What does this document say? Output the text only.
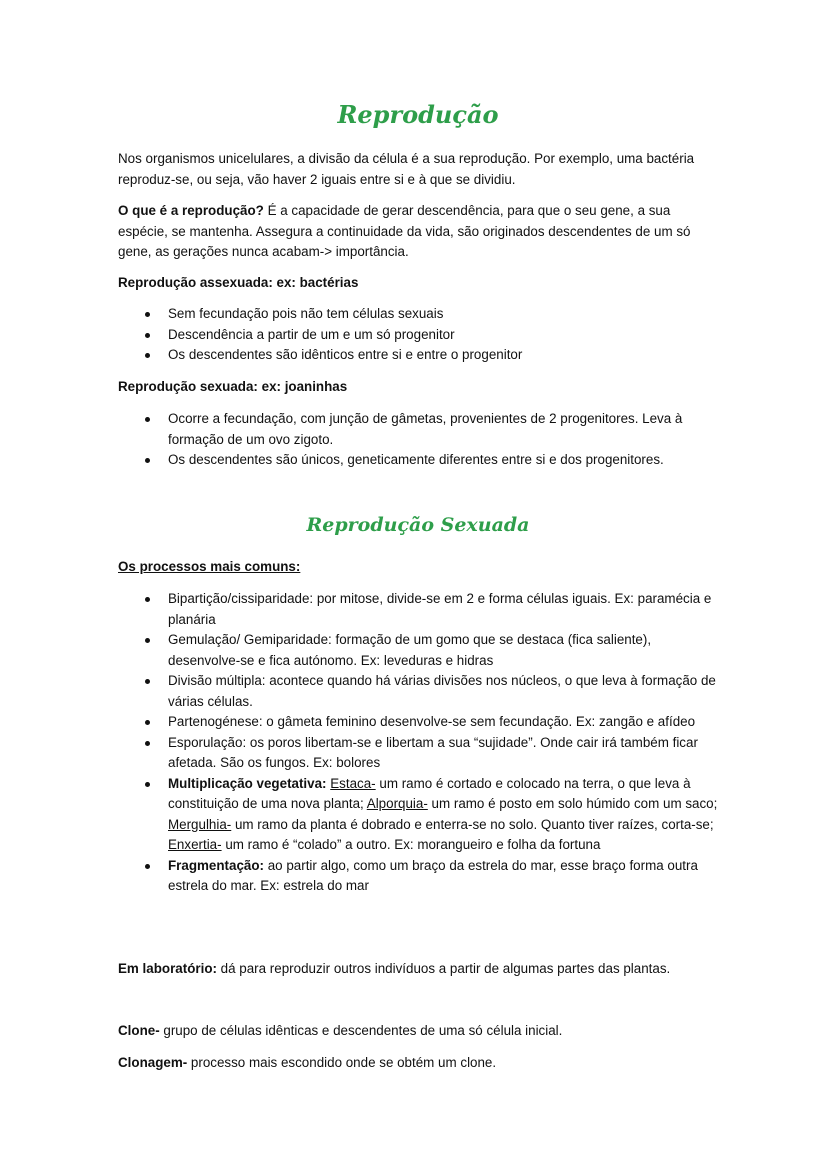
Reprodução

Nos organismos unicelulares, a divisão da célula é a sua reprodução. Por exemplo, uma bactéria reproduz-se, ou seja, vão haver 2 iguais entre si e à que se dividiu.

O que é a reprodução? É a capacidade de gerar descendência, para que o seu gene, a sua espécie, se mantenha. Assegura a continuidade da vida, são originados descendentes de um só gene, as gerações nunca acabam-> importância.

Reprodução assexuada: ex: bactérias

Sem fecundação pois não tem células sexuais
Descendência a partir de um e um só progenitor
Os descendentes são idênticos entre si e entre o progenitor

Reprodução sexuada: ex: joaninhas

Ocorre a fecundação, com junção de gâmetas, provenientes de 2 progenitores. Leva à formação de um ovo zigoto.
Os descendentes são únicos, geneticamente diferentes entre si e dos progenitores.
Reprodução Sexuada

Os processos mais comuns:

Bipartição/cissiparidade: por mitose, divide-se em 2 e forma células iguais. Ex: paramécia e planária
Gemulação/ Gemiparidade: formação de um gomo que se destaca (fica saliente), desenvolve-se e fica autónomo. Ex: leveduras e hidras
Divisão múltipla: acontece quando há várias divisões nos núcleos, o que leva à formação de várias células.
Partenogénese: o gâmeta feminino desenvolve-se sem fecundação. Ex: zangão e afídeo
Esporulação: os poros libertam-se e libertam a sua “sujidade”. Onde cair irá também ficar afetada. São os fungos. Ex: bolores
Multiplicação vegetativa: Estaca- um ramo é cortado e colocado na terra, o que leva à constituição de uma nova planta; Alporquia- um ramo é posto em solo húmido com um saco; Mergulhia- um ramo da planta é dobrado e enterra-se no solo. Quanto tiver raízes, corta-se; Enxertia- um ramo é “colado” a outro. Ex: morangueiro e folha da fortuna
Fragmentação: ao partir algo, como um braço da estrela do mar, esse braço forma outra estrela do mar. Ex: estrela do mar

Em laboratório: dá para reproduzir outros indivíduos a partir de algumas partes das plantas.

Clone- grupo de células idênticas e descendentes de uma só célula inicial.

Clonagem- processo mais escondido onde se obtém um clone.
